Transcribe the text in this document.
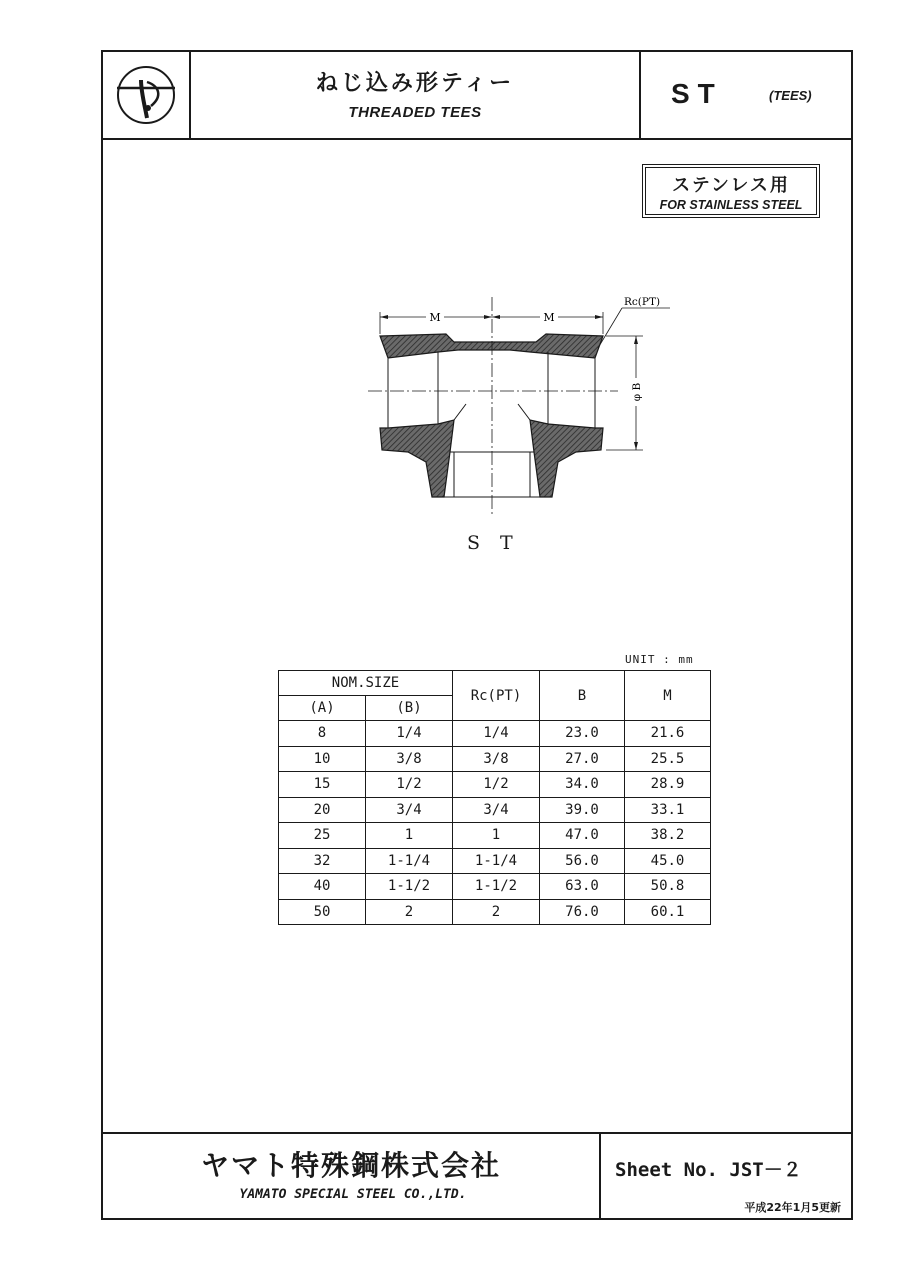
ねじ込み形ティー
THREADED TEES
ST	(TEES)
ステンレス用
FOR STAINLESS STEEL
M	M
Rc(PT)
φ B
ST
UNIT : mm
NOM.SIZE		Rc(PT)	B	M
(A)	(B)			
8	1/4	1/4	23.0	21.6
10	3/8	3/8	27.0	25.5
15	1/2	1/2	34.0	28.9
20	3/4	3/4	39.0	33.1
25	1	1	47.0	38.2
32	1-1/4	1-1/4	56.0	45.0
40	1-1/2	1-1/2	63.0	50.8
50	2	2	76.0	60.1
ヤマト特殊鋼株式会社
YAMATO SPECIAL STEEL CO.,LTD.
Sheet No. JST－２
平成22年1月5更新
